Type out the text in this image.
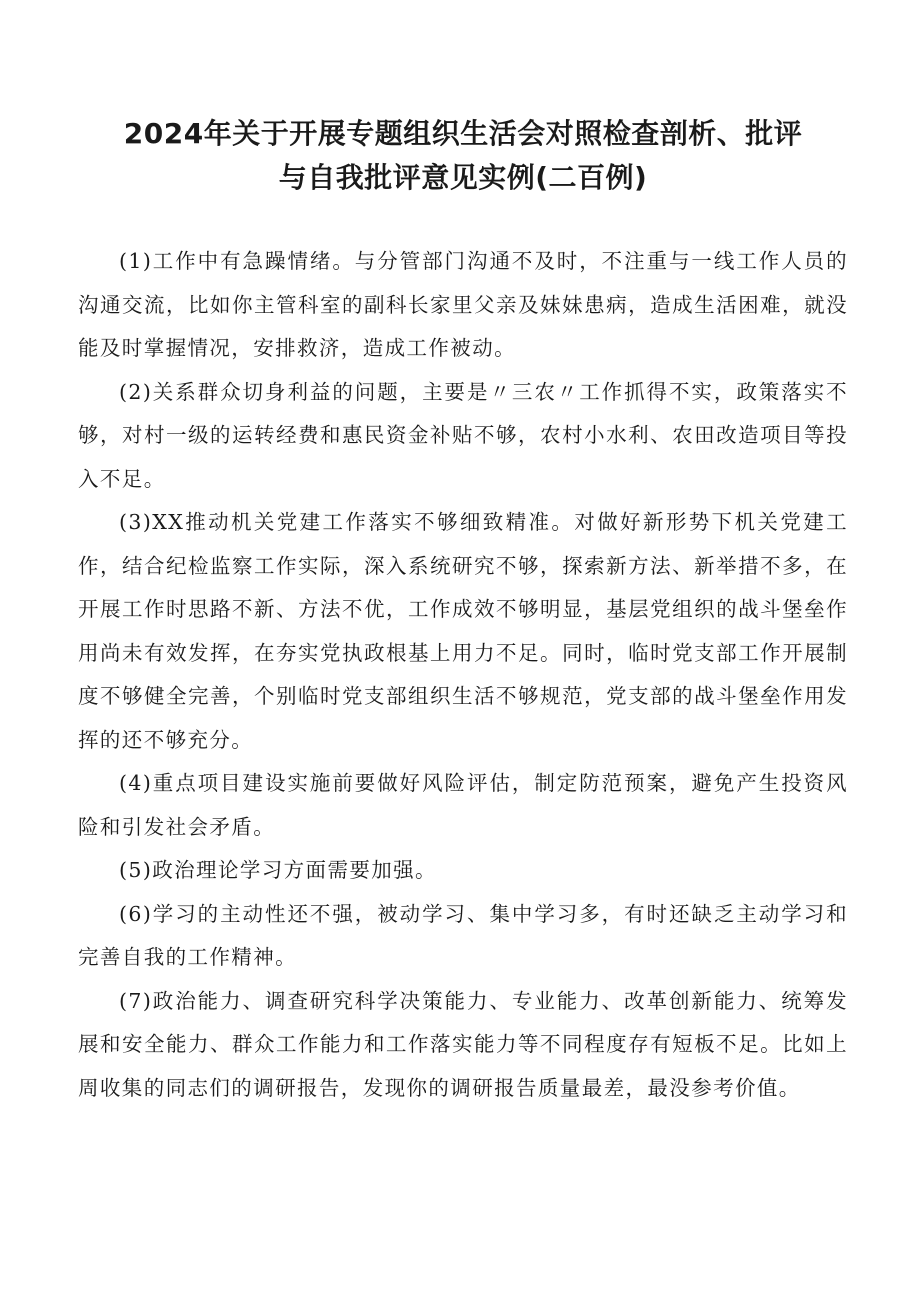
2024年关于开展专题组织生活会对照检查剖析、批评
与自我批评意见实例(二百例)

(1)工作中有急躁情绪。与分管部门沟通不及时，不注重与一线工作人员的沟通交流，比如你主管科室的副科长家里父亲及妹妹患病，造成生活困难，就没能及时掌握情况，安排救济，造成工作被动。

(2)关系群众切身利益的问题，主要是〃三农〃工作抓得不实，政策落实不够，对村一级的运转经费和惠民资金补贴不够，农村小水利、农田改造项目等投入不足。

(3)XX推动机关党建工作落实不够细致精准。对做好新形势下机关党建工作，结合纪检监察工作实际，深入系统研究不够，探索新方法、新举措不多，在开展工作时思路不新、方法不优，工作成效不够明显，基层党组织的战斗堡垒作用尚未有效发挥，在夯实党执政根基上用力不足。同时，临时党支部工作开展制度不够健全完善，个别临时党支部组织生活不够规范，党支部的战斗堡垒作用发挥的还不够充分。

(4)重点项目建设实施前要做好风险评估，制定防范预案，避免产生投资风险和引发社会矛盾。

(5)政治理论学习方面需要加强。

(6)学习的主动性还不强，被动学习、集中学习多，有时还缺乏主动学习和完善自我的工作精神。

(7)政治能力、调查研究科学决策能力、专业能力、改革创新能力、统筹发展和安全能力、群众工作能力和工作落实能力等不同程度存有短板不足。比如上周收集的同志们的调研报告，发现你的调研报告质量最差，最没参考价值。
